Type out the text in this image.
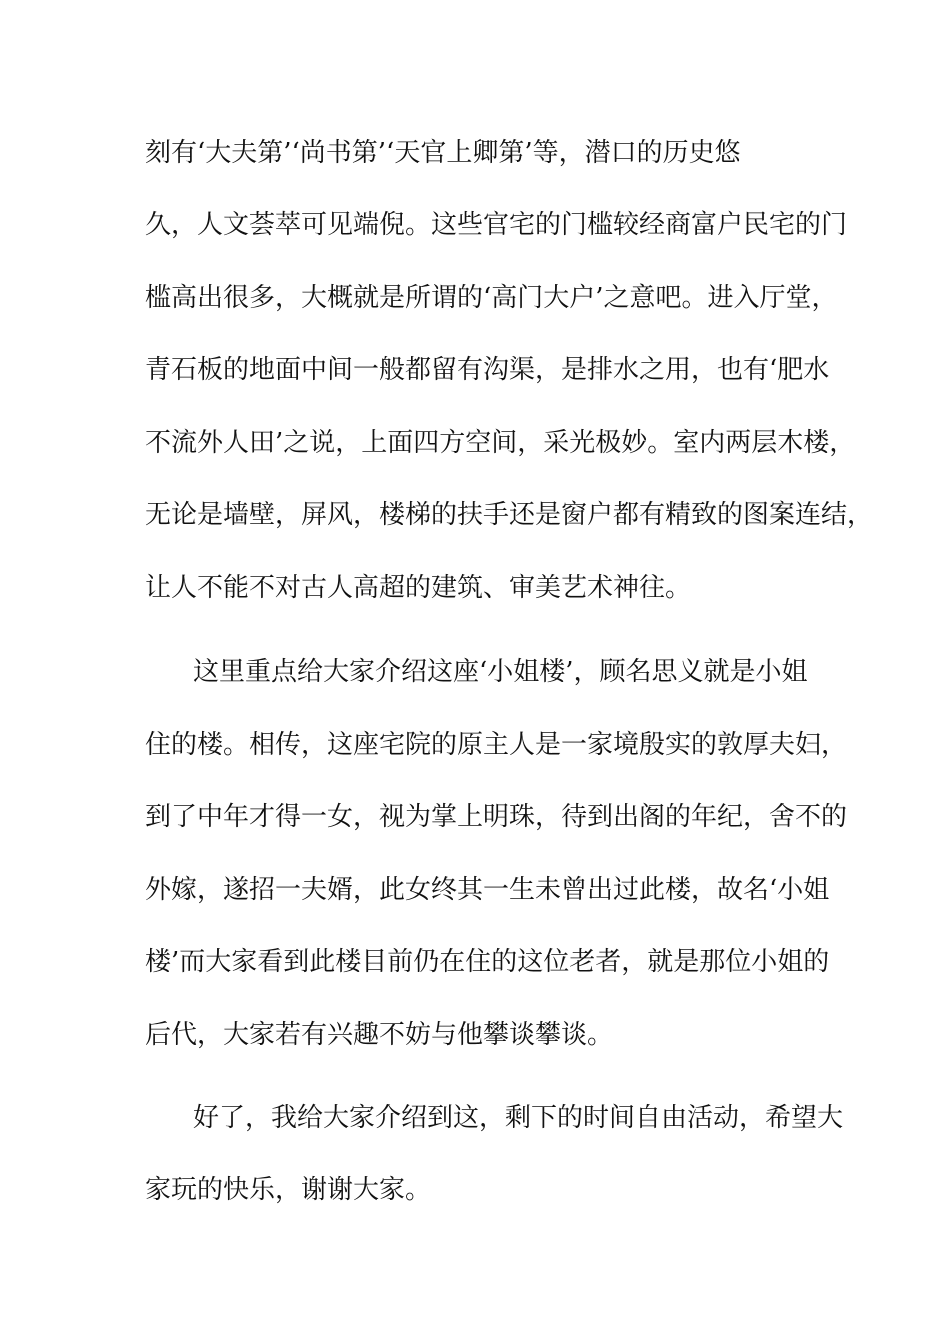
刻有‘大夫第’‘尚书第’‘天官上卿第’等，潜口的历史悠
久，人文荟萃可见端倪。这些官宅的门槛较经商富户民宅的门
槛高出很多，大概就是所谓的‘高门大户’之意吧。进入厅堂，
青石板的地面中间一般都留有沟渠，是排水之用，也有‘肥水
不流外人田’之说，上面四方空间，采光极妙。室内两层木楼，
无论是墙壁，屏风，楼梯的扶手还是窗户都有精致的图案连结，
让人不能不对古人高超的建筑、审美艺术神往。
这里重点给大家介绍这座‘小姐楼’，顾名思义就是小姐
住的楼。相传，这座宅院的原主人是一家境殷实的敦厚夫妇，
到了中年才得一女，视为掌上明珠，待到出阁的年纪，舍不的
外嫁，遂招一夫婿，此女终其一生未曾出过此楼，故名‘小姐
楼’而大家看到此楼目前仍在住的这位老者，就是那位小姐的
后代，大家若有兴趣不妨与他攀谈攀谈。
好了，我给大家介绍到这，剩下的时间自由活动，希望大
家玩的快乐，谢谢大家。
